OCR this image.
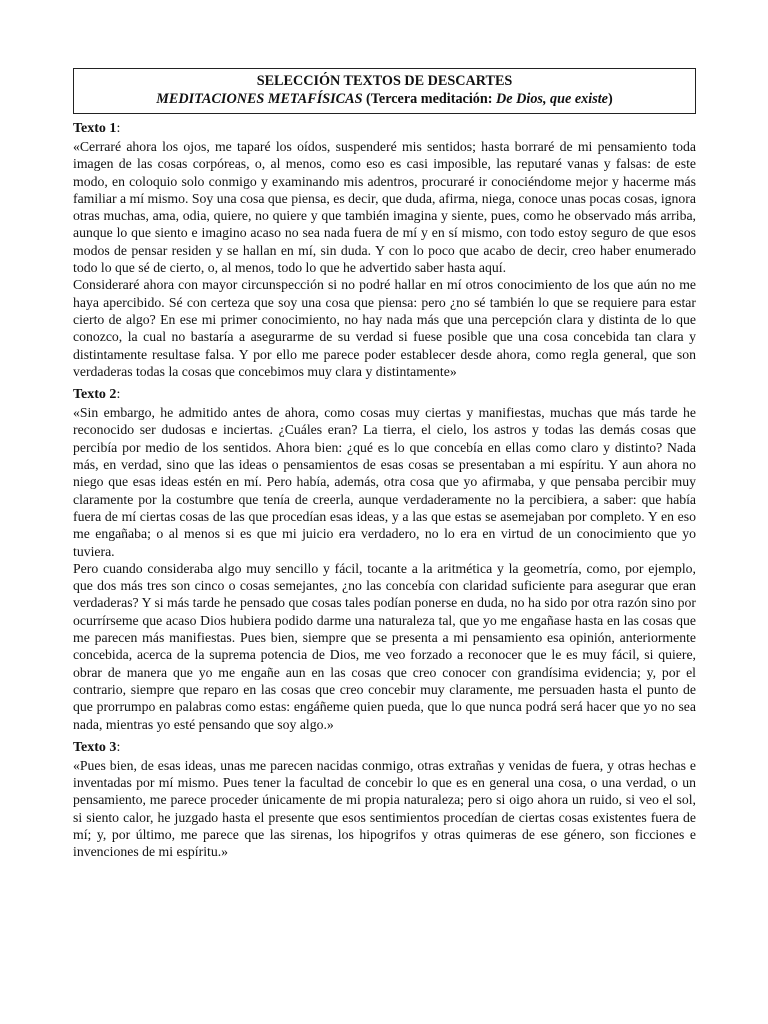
SELECCIÓN TEXTOS DE DESCARTES
MEDITACIONES METAFÍSICAS (Tercera meditación: De Dios, que existe)
Texto 1:

«Cerraré ahora los ojos, me taparé los oídos, suspenderé mis sentidos; hasta borraré de mi pensamiento toda imagen de las cosas corpóreas, o, al menos, como eso es casi imposible, las reputaré vanas y falsas: de este modo, en coloquio solo conmigo y examinando mis adentros, procuraré ir conociéndome mejor y hacerme más familiar a mí mismo. Soy una cosa que piensa, es decir, que duda, afirma, niega, conoce unas pocas cosas, ignora otras muchas, ama, odia, quiere, no quiere y que también imagina y siente, pues, como he observado más arriba, aunque lo que siento e imagino acaso no sea nada fuera de mí y en sí mismo, con todo estoy seguro de que esos modos de pensar residen y se hallan en mí, sin duda. Y con lo poco que acabo de decir, creo haber enumerado todo lo que sé de cierto, o, al menos, todo lo que he advertido saber hasta aquí.

Consideraré ahora con mayor circunspección si no podré hallar en mí otros conocimiento de los que aún no me haya apercibido. Sé con certeza que soy una cosa que piensa: pero ¿no sé también lo que se requiere para estar cierto de algo? En ese mi primer conocimiento, no hay nada más que una percepción clara y distinta de lo que conozco, la cual no bastaría a asegurarme de su verdad si fuese posible que una cosa concebida tan clara y distintamente resultase falsa. Y por ello me parece poder establecer desde ahora, como regla general, que son verdaderas todas la cosas que concebimos muy clara y distintamente»

Texto 2:

«Sin embargo, he admitido antes de ahora, como cosas muy ciertas y manifiestas, muchas que más tarde he reconocido ser dudosas e inciertas. ¿Cuáles eran? La tierra, el cielo, los astros y todas las demás cosas que percibía por medio de los sentidos. Ahora bien: ¿qué es lo que concebía en ellas como claro y distinto? Nada más, en verdad, sino que las ideas o pensamientos de esas cosas se presentaban a mi espíritu. Y aun ahora no niego que esas ideas estén en mí. Pero había, además, otra cosa que yo afirmaba, y que pensaba percibir muy claramente por la costumbre que tenía de creerla, aunque verdaderamente no la percibiera, a saber: que había fuera de mí ciertas cosas de las que procedían esas ideas, y a las que estas se asemejaban por completo. Y en eso me engañaba; o al menos si es que mi juicio era verdadero, no lo era en virtud de un conocimiento que yo tuviera.

Pero cuando consideraba algo muy sencillo y fácil, tocante a la aritmética y la geometría, como, por ejemplo, que dos más tres son cinco o cosas semejantes, ¿no las concebía con claridad suficiente para asegurar que eran verdaderas? Y si más tarde he pensado que cosas tales podían ponerse en duda, no ha sido por otra razón sino por ocurrírseme que acaso Dios hubiera podido darme una naturaleza tal, que yo me engañase hasta en las cosas que me parecen más manifiestas. Pues bien, siempre que se presenta a mi pensamiento esa opinión, anteriormente concebida, acerca de la suprema potencia de Dios, me veo forzado a reconocer que le es muy fácil, si quiere, obrar de manera que yo me engañe aun en las cosas que creo conocer con grandísima evidencia; y, por el contrario, siempre que reparo en las cosas que creo concebir muy claramente, me persuaden hasta el punto de que prorrumpo en palabras como estas: engáñeme quien pueda, que lo que nunca podrá será hacer que yo no sea nada, mientras yo esté pensando que soy algo.»

Texto 3:

«Pues bien, de esas ideas, unas me parecen nacidas conmigo, otras extrañas y venidas de fuera, y otras hechas e inventadas por mí mismo. Pues tener la facultad de concebir lo que es en general una cosa, o una verdad, o un pensamiento, me parece proceder únicamente de mi propia naturaleza; pero si oigo ahora un ruido, si veo el sol, si siento calor, he juzgado hasta el presente que esos sentimientos procedían de ciertas cosas existentes fuera de mí; y, por último, me parece que las sirenas, los hipogrifos y otras quimeras de ese género, son ficciones e invenciones de mi espíritu.»
